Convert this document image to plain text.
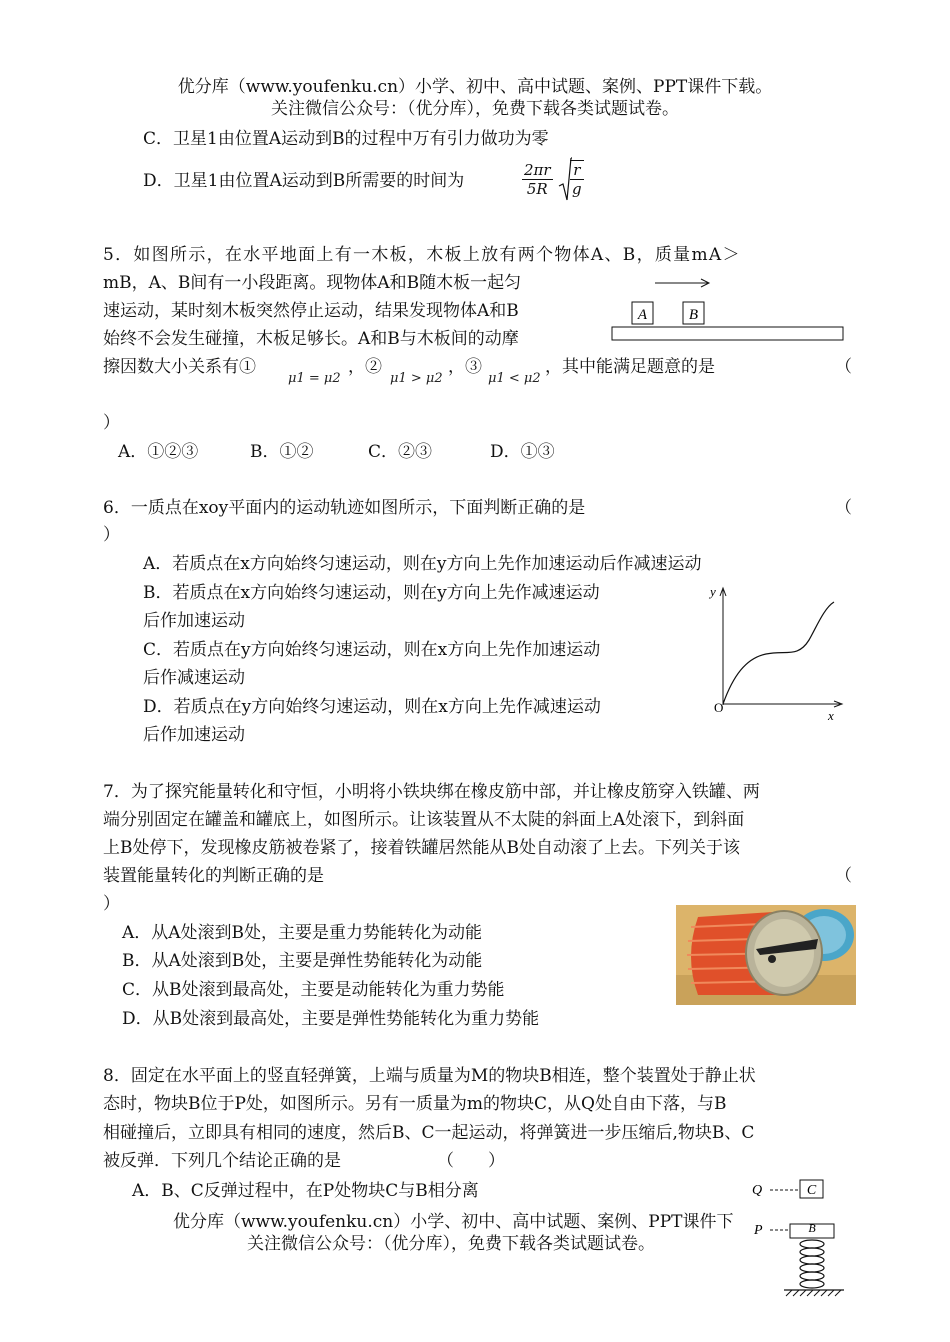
优分库（www.youfenku.cn）小学、初中、高中试题、案例、PPT课件下载。
关注微信公众号：（优分库），免费下载各类试题试卷。
C．卫星1由位置A运动到B的过程中万有引力做功为零
D．卫星1由位置A运动到B所需要的时间为	$\frac{2\pi r}{5R}$
$\frac{r}{g}$
5．如图所示，在水平地面上有一木板，木板上放有两个物体A、B，质量mA＞
mB，A、B间有一小段距离。现物体A和B随木板一起匀
速运动，某时刻木板突然停止运动，结果发现物体A和B
始终不会发生碰撞，木板足够长。A和B与木板间的动摩
擦因数大小关系有①
μ1 = μ2
，②
μ1 > μ2
，③
μ1 < μ2
，其中能满足题意的是	（
）
A．①②③	B．①②	C．②③	D．①③
A	B
6．一质点在xoy平面内的运动轨迹如图所示，下面判断正确的是	（
）
A．若质点在x方向始终匀速运动，则在y方向上先作加速运动后作减速运动
B．若质点在x方向始终匀速运动，则在y方向上先作减速运动
后作加速运动
C．若质点在y方向始终匀速运动，则在x方向上先作加速运动
后作减速运动
D．若质点在y方向始终匀速运动，则在x方向上先作减速运动
后作加速运动
y
x
O
7．为了探究能量转化和守恒，小明将小铁块绑在橡皮筋中部，并让橡皮筋穿入铁罐、两
端分别固定在罐盖和罐底上，如图所示。让该装置从不太陡的斜面上A处滚下，到斜面
上B处停下，发现橡皮筋被卷紧了，接着铁罐居然能从B处自动滚了上去。下列关于该
装置能量转化的判断正确的是	（
）
A．从A处滚到B处，主要是重力势能转化为动能
B．从A处滚到B处，主要是弹性势能转化为动能
C．从B处滚到最高处，主要是动能转化为重力势能
D．从B处滚到最高处，主要是弹性势能转化为重力势能
8．固定在水平面上的竖直轻弹簧，上端与质量为M的物块B相连，整个装置处于静止状
态时，物块B位于P处，如图所示。另有一质量为m的物块C，从Q处自由下落，与B
相碰撞后，立即具有相同的速度，然后B、C一起运动，将弹簧进一步压缩后,物块B、C
被反弹．下列几个结论正确的是	（　　）
A．B、C反弹过程中，在P处物块C与B相分离	Q	C
P	B
优分库（www.youfenku.cn）小学、初中、高中试题、案例、PPT课件下
关注微信公众号：（优分库），免费下载各类试题试卷。
